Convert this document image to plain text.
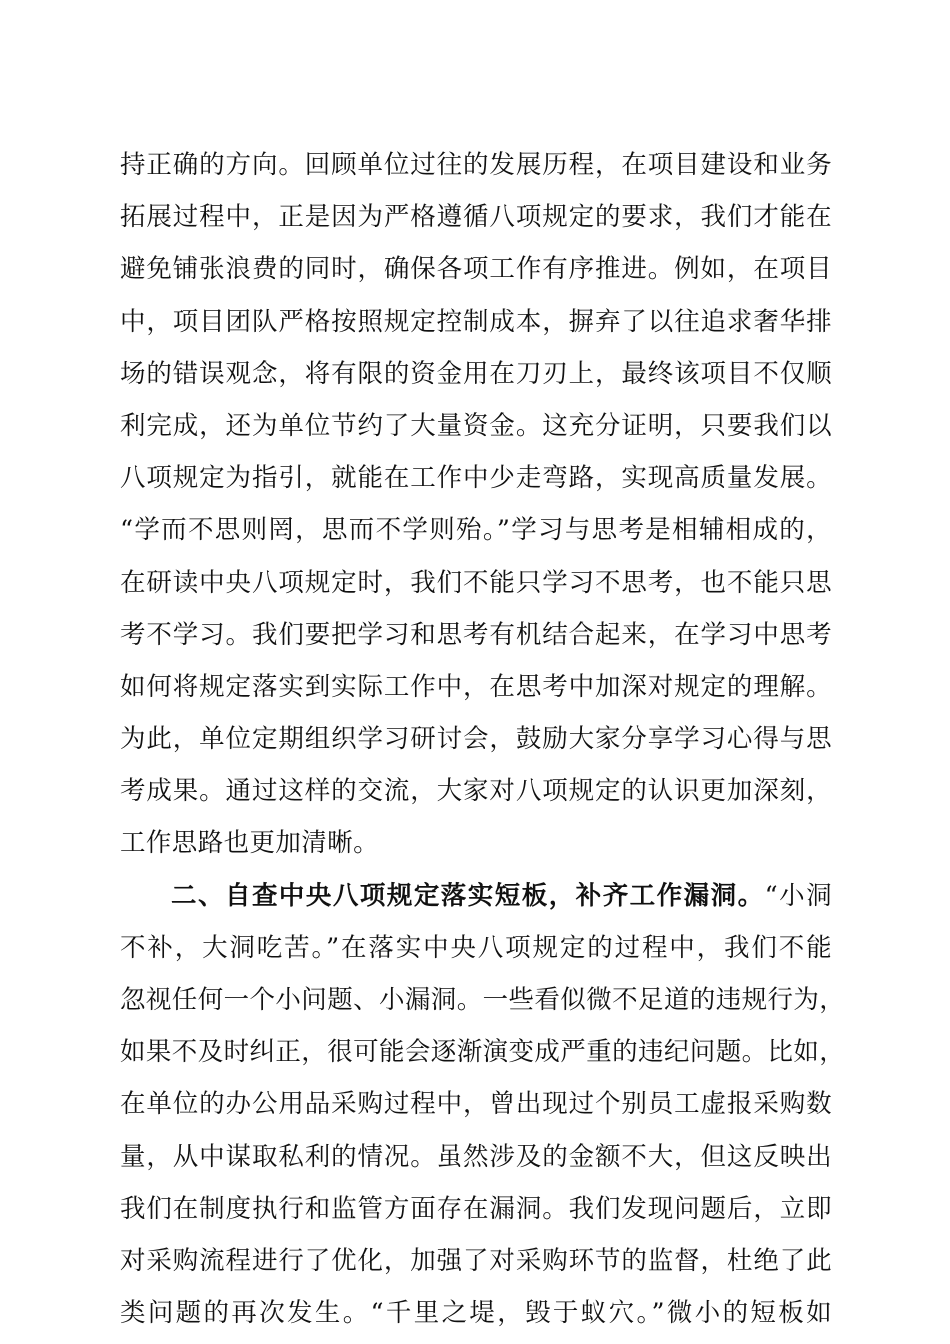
持正确的方向。回顾单位过往的发展历程，在项目建设和业务
拓展过程中，正是因为严格遵循八项规定的要求，我们才能在
避免铺张浪费的同时，确保各项工作有序推进。例如，在项目
中，项目团队严格按照规定控制成本，摒弃了以往追求奢华排
场的错误观念，将有限的资金用在刀刃上，最终该项目不仅顺
利完成，还为单位节约了大量资金。这充分证明，只要我们以
八项规定为指引，就能在工作中少走弯路，实现高质量发展。
“学而不思则罔，思而不学则殆。”学习与思考是相辅相成的，
在研读中央八项规定时，我们不能只学习不思考，也不能只思
考不学习。我们要把学习和思考有机结合起来，在学习中思考
如何将规定落实到实际工作中，在思考中加深对规定的理解。
为此，单位定期组织学习研讨会，鼓励大家分享学习心得与思
考成果。通过这样的交流，大家对八项规定的认识更加深刻，
工作思路也更加清晰。
二、自查中央八项规定落实短板，补齐工作漏洞。“小洞
不补，大洞吃苦。”在落实中央八项规定的过程中，我们不能
忽视任何一个小问题、小漏洞。一些看似微不足道的违规行为，
如果不及时纠正，很可能会逐渐演变成严重的违纪问题。比如，
在单位的办公用品采购过程中，曾出现过个别员工虚报采购数
量，从中谋取私利的情况。虽然涉及的金额不大，但这反映出
我们在制度执行和监管方面存在漏洞。我们发现问题后，立即
对采购流程进行了优化，加强了对采购环节的监督，杜绝了此
类问题的再次发生。“千里之堤，毁于蚁穴。”微小的短板如
